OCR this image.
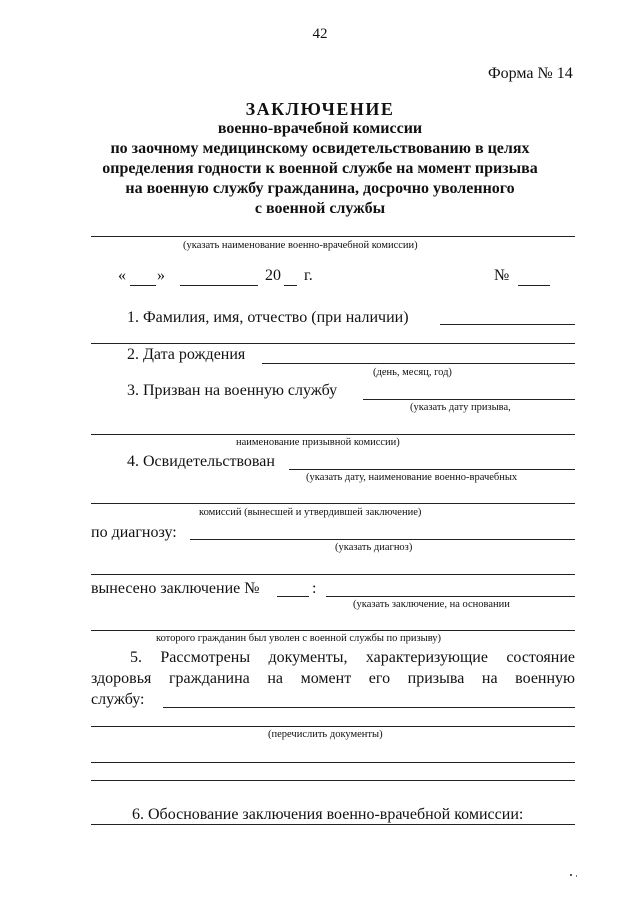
42
Форма № 14
ЗАКЛЮЧЕНИЕ
военно-врачебной комиссии
по заочному медицинскому освидетельствованию в целях
определения годности к военной службе на момент призыва
на военную службу гражданина, досрочно уволенного
с военной службы
(указать наименование военно-врачебной комиссии)
« »	20 г.	№
1. Фамилия, имя, отчество (при наличии)
2. Дата рождения
(день, месяц, год)
3. Призван на военную службу
(указать дату призыва,
наименование призывной комиссии)
4. Освидетельствован
(указать дату, наименование военно-врачебных
комиссий (вынесшей и утвердившей заключение)
по диагнозу:
(указать диагноз)
вынесено заключение №	:
(указать заключение, на основании
которого гражданин был уволен с военной службы по призыву)
5. Рассмотрены документы, характеризующие состояние
здоровья гражданина на момент его призыва на военную
службу:
(перечислить документы)
6. Обоснование заключения военно-врачебной комиссии:
